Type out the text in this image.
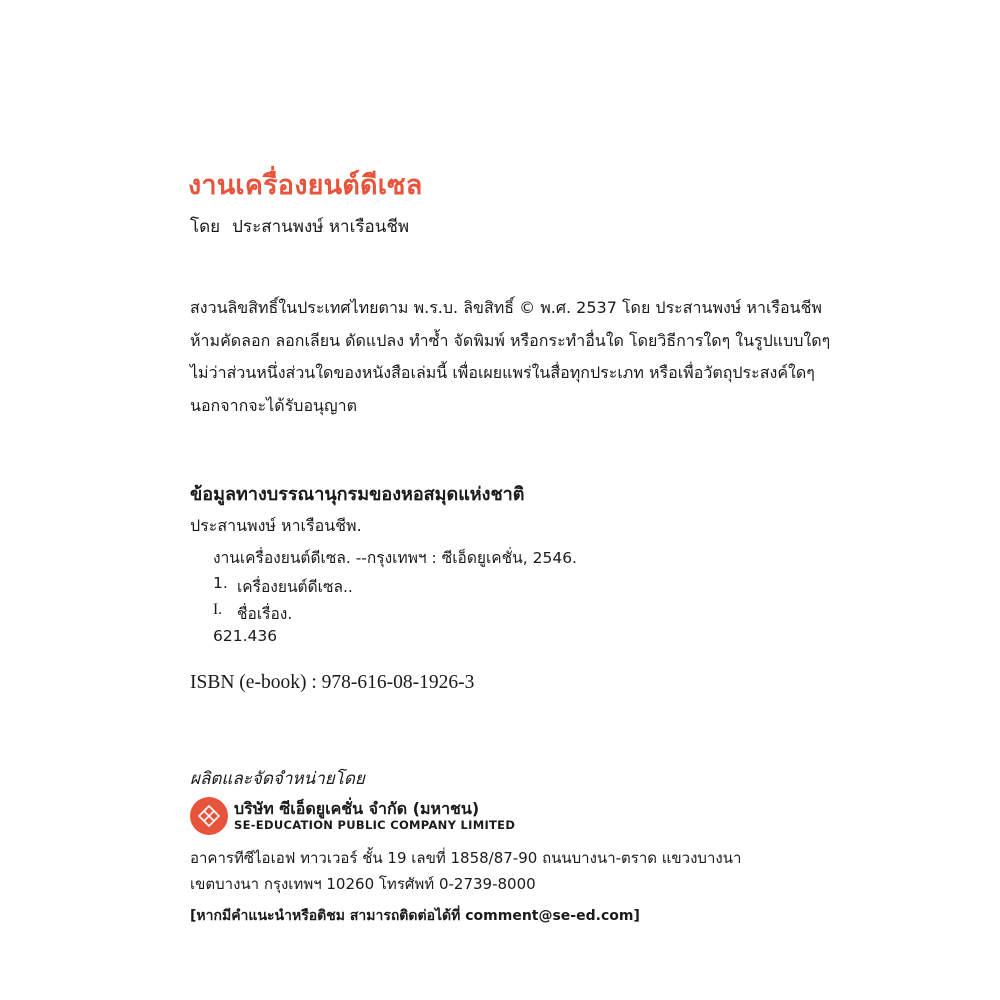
งานเครื่องยนต์ดีเซล
โดย ประสานพงษ์ หาเรือนชีพ
สงวนลิขสิทธิ์ในประเทศไทยตาม พ.ร.บ. ลิขสิทธิ์ © พ.ศ. 2537 โดย ประสานพงษ์ หาเรือนชีพ
ห้ามคัดลอก ลอกเลียน ดัดแปลง ทำซ้ำ จัดพิมพ์ หรือกระทำอื่นใด โดยวิธีการใดๆ ในรูปแบบใดๆ
ไม่ว่าส่วนหนึ่งส่วนใดของหนังสือเล่มนี้ เพื่อเผยแพร่ในสื่อทุกประเภท หรือเพื่อวัตถุประสงค์ใดๆ
นอกจากจะได้รับอนุญาต
ข้อมูลทางบรรณานุกรมของหอสมุดแห่งชาติ
ประสานพงษ์ หาเรือนชีพ.
งานเครื่องยนต์ดีเซล. --กรุงเทพฯ : ซีเอ็ดยูเคชั่น, 2546.
1. เครื่องยนต์ดีเซล..
I. ชื่อเรื่อง.
621.436
ISBN (e-book) : 978-616-08-1926-3
ผลิตและจัดจำหน่ายโดย
บริษัท ซีเอ็ดยูเคชั่น จำกัด (มหาชน)
SE-EDUCATION PUBLIC COMPANY LIMITED
อาคารทีซีไอเอฟ ทาวเวอร์ ชั้น 19 เลขที่ 1858/87-90 ถนนบางนา-ตราด แขวงบางนา
เขตบางนา กรุงเทพฯ 10260 โทรศัพท์ 0-2739-8000
[หากมีคำแนะนำหรือติชม สามารถติดต่อได้ที่ comment@se-ed.com]
